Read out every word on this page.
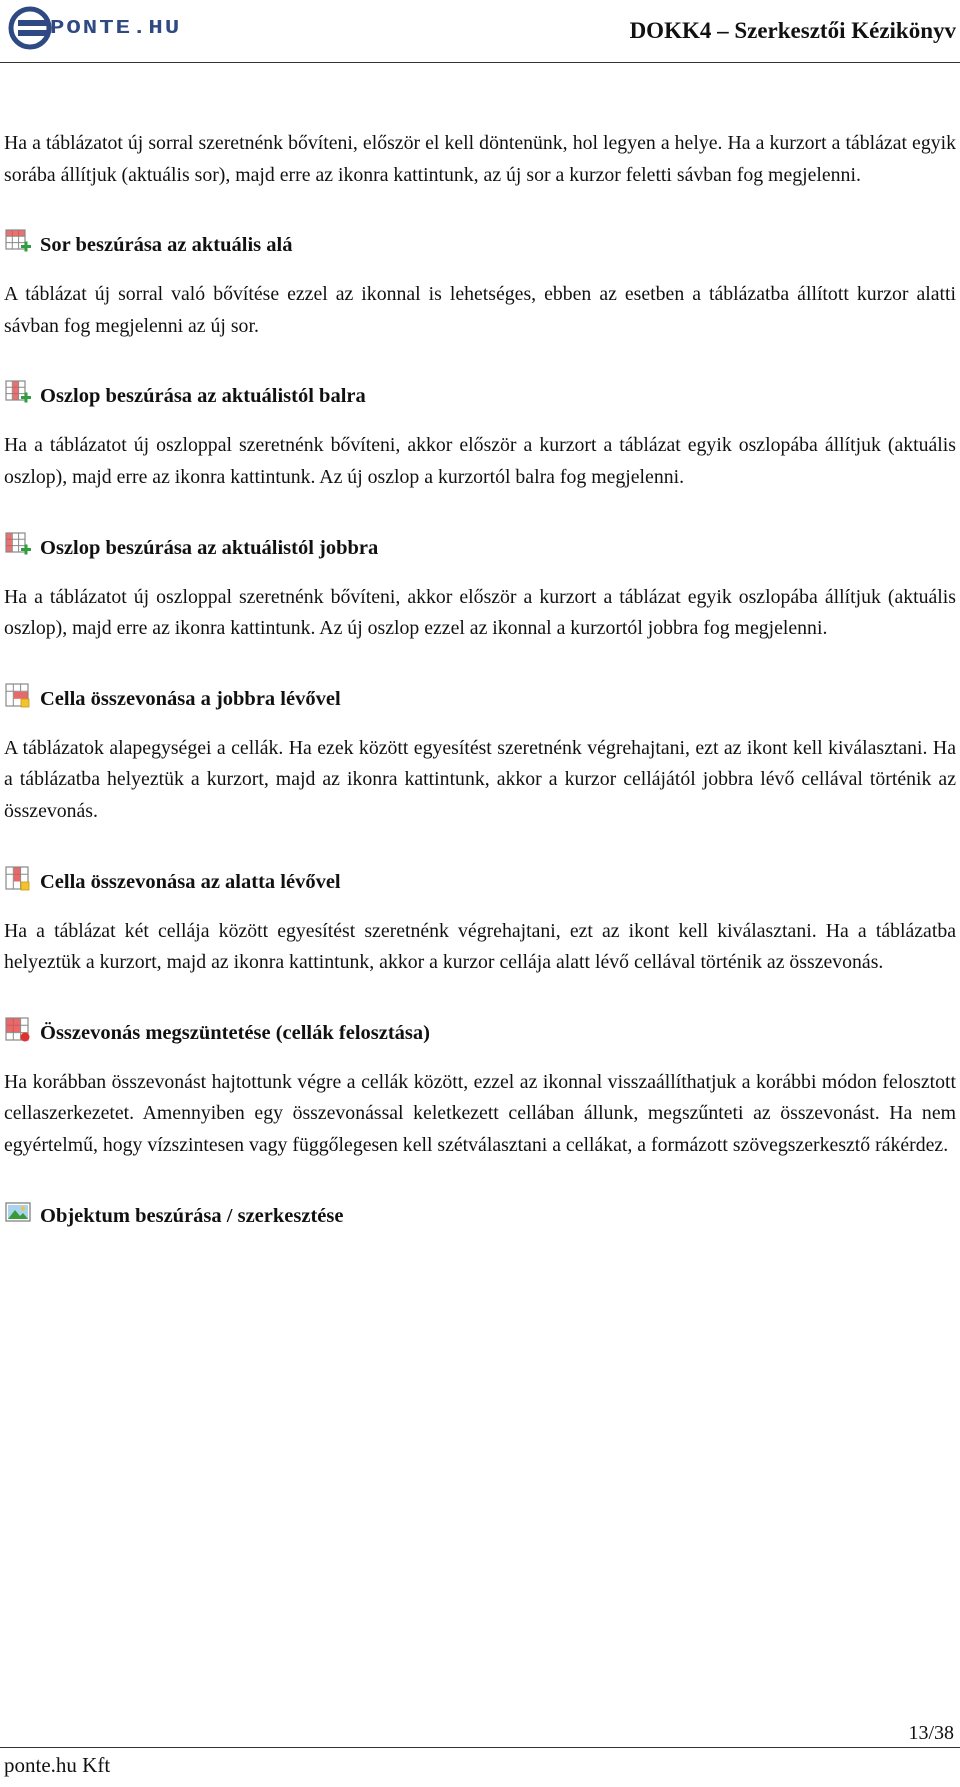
PONTE.HU	DOKK4 – Szerkesztői Kézikönyv

Ha a táblázatot új sorral szeretnénk bővíteni, először el kell döntenünk, hol legyen a helye. Ha a kurzort a táblázat egyik sorába állítjuk (aktuális sor), majd erre az ikonra kattintunk, az új sor a kurzor feletti sávban fog megjelenni.

Sor beszúrása az aktuális alá

A táblázat új sorral való bővítése ezzel az ikonnal is lehetséges, ebben az esetben a táblázatba állított kurzor alatti sávban fog megjelenni az új sor.

Oszlop beszúrása az aktuálistól balra

Ha a táblázatot új oszloppal szeretnénk bővíteni, akkor először a kurzort a táblázat egyik oszlopába állítjuk (aktuális oszlop), majd erre az ikonra kattintunk. Az új oszlop a kurzortól balra fog megjelenni.

Oszlop beszúrása az aktuálistól jobbra

Ha a táblázatot új oszloppal szeretnénk bővíteni, akkor először a kurzort a táblázat egyik oszlopába állítjuk (aktuális oszlop), majd erre az ikonra kattintunk. Az új oszlop ezzel az ikonnal a kurzortól jobbra fog megjelenni.

Cella összevonása a jobbra lévővel

A táblázatok alapegységei a cellák. Ha ezek között egyesítést szeretnénk végrehajtani, ezt az ikont kell kiválasztani. Ha a táblázatba helyeztük a kurzort, majd az ikonra kattintunk, akkor a kurzor cellájától jobbra lévő cellával történik az összevonás.

Cella összevonása az alatta lévővel

Ha a táblázat két cellája között egyesítést szeretnénk végrehajtani, ezt az ikont kell kiválasztani. Ha a táblázatba helyeztük a kurzort, majd az ikonra kattintunk, akkor a kurzor cellája alatt lévő cellával történik az összevonás.

Összevonás megszüntetése (cellák felosztása)

Ha korábban összevonást hajtottunk végre a cellák között, ezzel az ikonnal visszaállíthatjuk a korábbi módon felosztott cellaszerkezetet. Amennyiben egy összevonással keletkezett cellában állunk, megszűnteti az összevonást. Ha nem egyértelmű, hogy vízszintesen vagy függőlegesen kell szétválasztani a cellákat, a formázott szövegszerkesztő rákérdez.

Objektum beszúrása / szerkesztése
13/38
ponte.hu Kft
